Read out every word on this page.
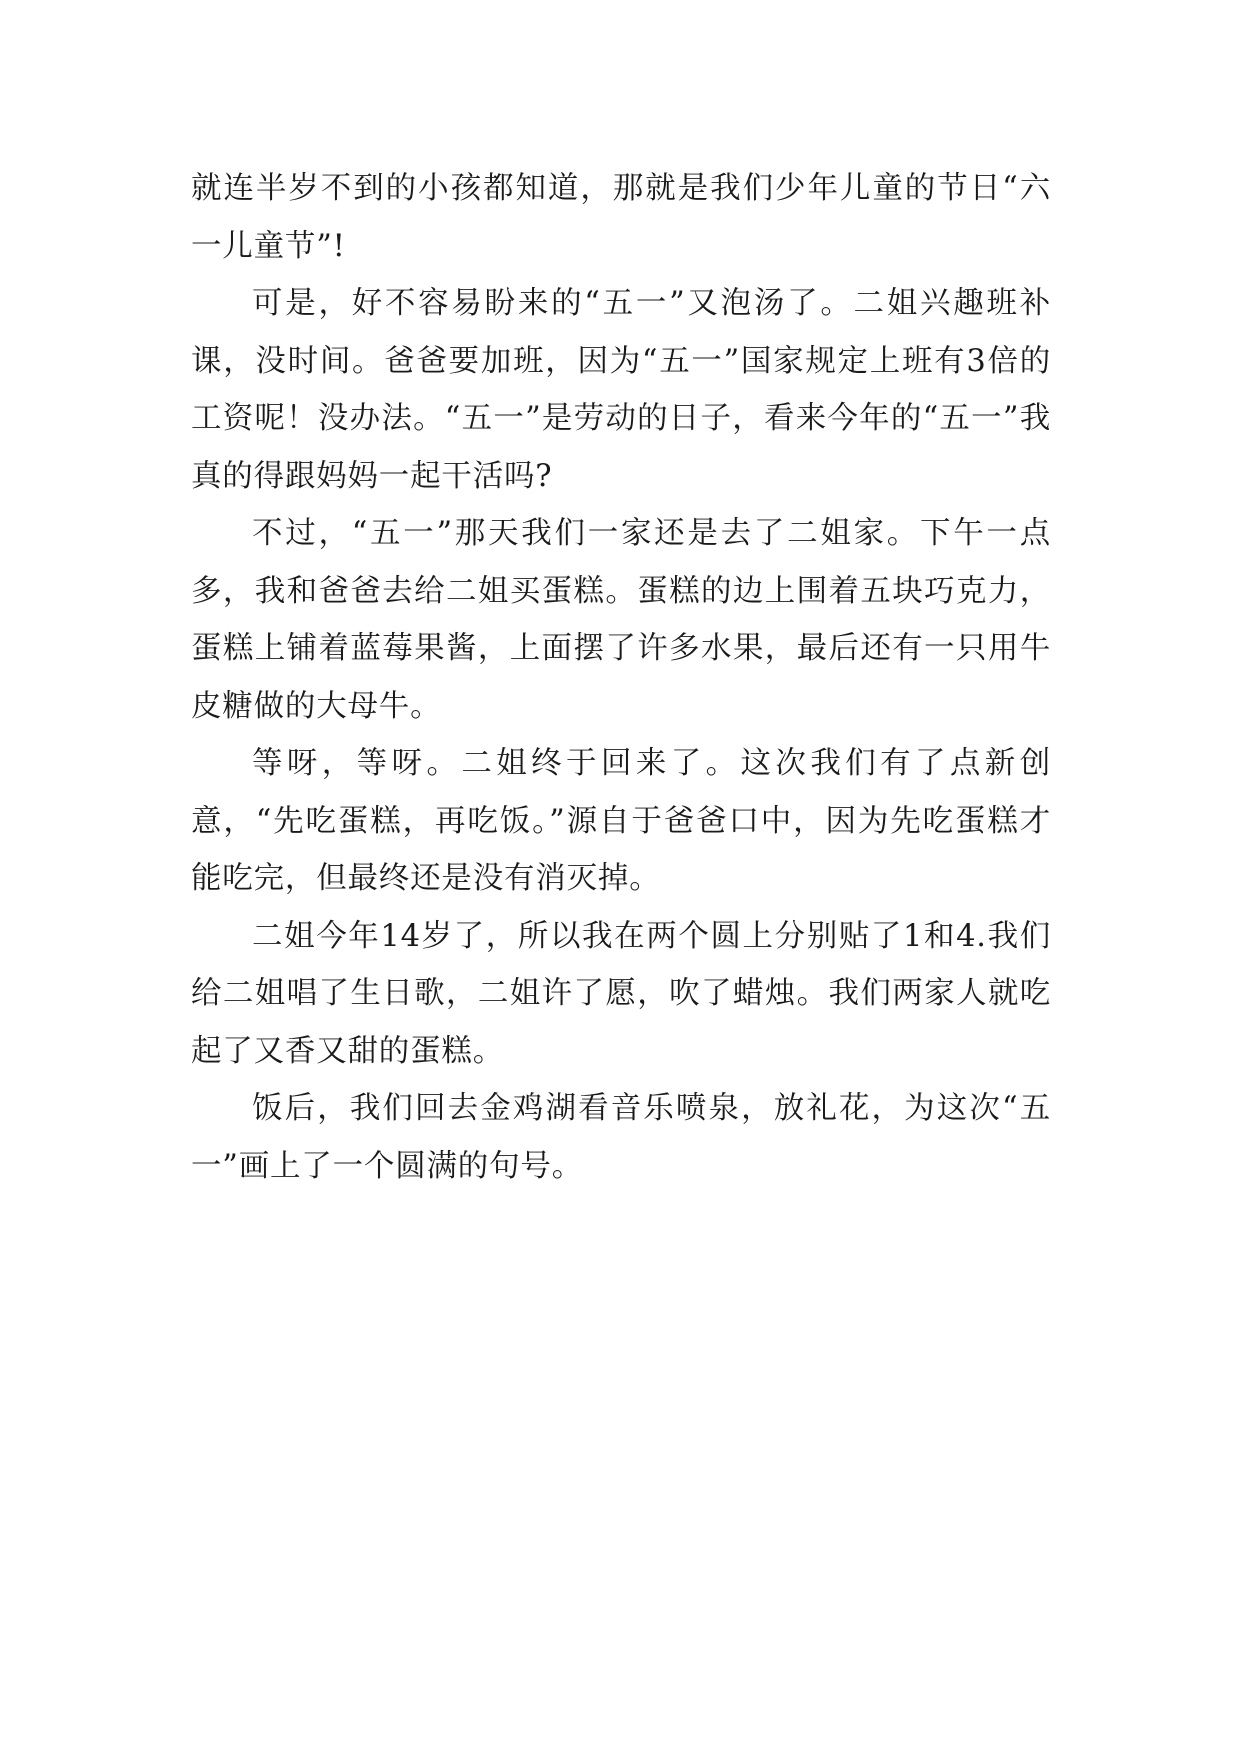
就连半岁不到的小孩都知道，那就是我们少年儿童的节日“六一儿童节”!

可是，好不容易盼来的“五一”又泡汤了。二姐兴趣班补课，没时间。爸爸要加班，因为“五一”国家规定上班有3倍的工资呢！没办法。“五一”是劳动的日子，看来今年的“五一”我真的得跟妈妈一起干活吗?

不过，“五一”那天我们一家还是去了二姐家。下午一点多，我和爸爸去给二姐买蛋糕。蛋糕的边上围着五块巧克力，蛋糕上铺着蓝莓果酱，上面摆了许多水果，最后还有一只用牛皮糖做的大母牛。

等呀，等呀。二姐终于回来了。这次我们有了点新创意，“先吃蛋糕，再吃饭。”源自于爸爸口中，因为先吃蛋糕才能吃完，但最终还是没有消灭掉。

二姐今年14岁了，所以我在两个圆上分别贴了1和4.我们给二姐唱了生日歌，二姐许了愿，吹了蜡烛。我们两家人就吃起了又香又甜的蛋糕。

饭后，我们回去金鸡湖看音乐喷泉，放礼花，为这次“五一”画上了一个圆满的句号。
